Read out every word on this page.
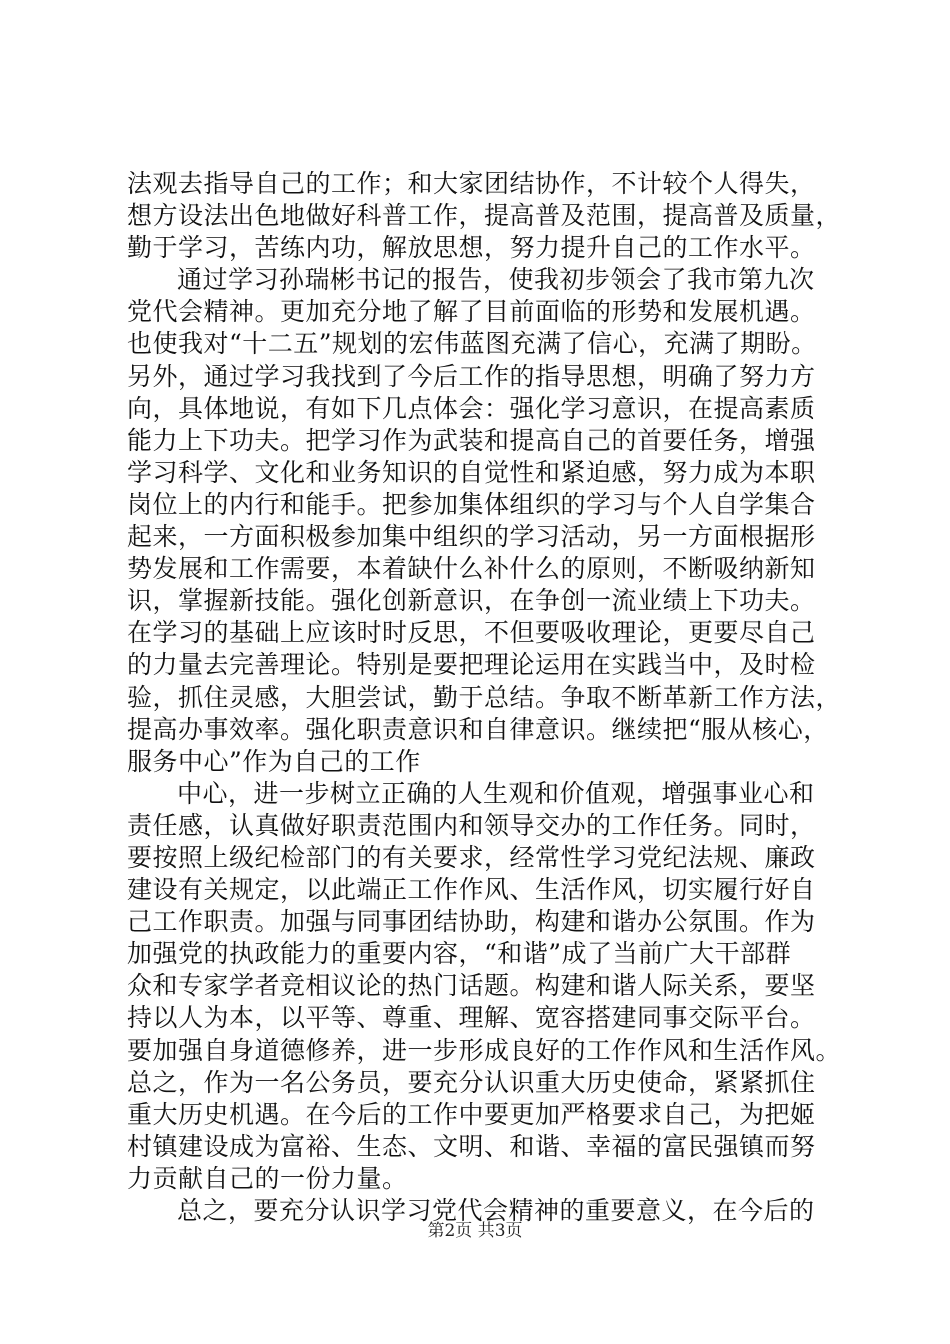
法观去指导自己的工作；和大家团结协作，不计较个人得失，
想方设法出色地做好科普工作，提高普及范围，提高普及质量，
勤于学习，苦练内功，解放思想，努力提升自己的工作水平。
通过学习孙瑞彬书记的报告，使我初步领会了我市第九次
党代会精神。更加充分地了解了目前面临的形势和发展机遇。
也使我对“十二五”规划的宏伟蓝图充满了信心，充满了期盼。
另外，通过学习我找到了今后工作的指导思想，明确了努力方
向，具体地说，有如下几点体会：强化学习意识，在提高素质
能力上下功夫。把学习作为武装和提高自己的首要任务，增强
学习科学、文化和业务知识的自觉性和紧迫感，努力成为本职
岗位上的内行和能手。把参加集体组织的学习与个人自学集合
起来，一方面积极参加集中组织的学习活动，另一方面根据形
势发展和工作需要，本着缺什么补什么的原则，不断吸纳新知
识，掌握新技能。强化创新意识，在争创一流业绩上下功夫。
在学习的基础上应该时时反思，不但要吸收理论，更要尽自己
的力量去完善理论。特别是要把理论运用在实践当中，及时检
验，抓住灵感，大胆尝试，勤于总结。争取不断革新工作方法，
提高办事效率。强化职责意识和自律意识。继续把“服从核心，
服务中心”作为自己的工作
中心，进一步树立正确的人生观和价值观，增强事业心和
责任感，认真做好职责范围内和领导交办的工作任务。同时，
要按照上级纪检部门的有关要求，经常性学习党纪法规、廉政
建设有关规定，以此端正工作作风、生活作风，切实履行好自
己工作职责。加强与同事团结协助，构建和谐办公氛围。作为
加强党的执政能力的重要内容，“和谐”成了当前广大干部群
众和专家学者竞相议论的热门话题。构建和谐人际关系，要坚
持以人为本，以平等、尊重、理解、宽容搭建同事交际平台。
要加强自身道德修养，进一步形成良好的工作作风和生活作风。
总之，作为一名公务员，要充分认识重大历史使命，紧紧抓住
重大历史机遇。在今后的工作中要更加严格要求自己，为把姬
村镇建设成为富裕、生态、文明、和谐、幸福的富民强镇而努
力贡献自己的一份力量。
总之，要充分认识学习党代会精神的重要意义，在今后的
第2页 共3页
